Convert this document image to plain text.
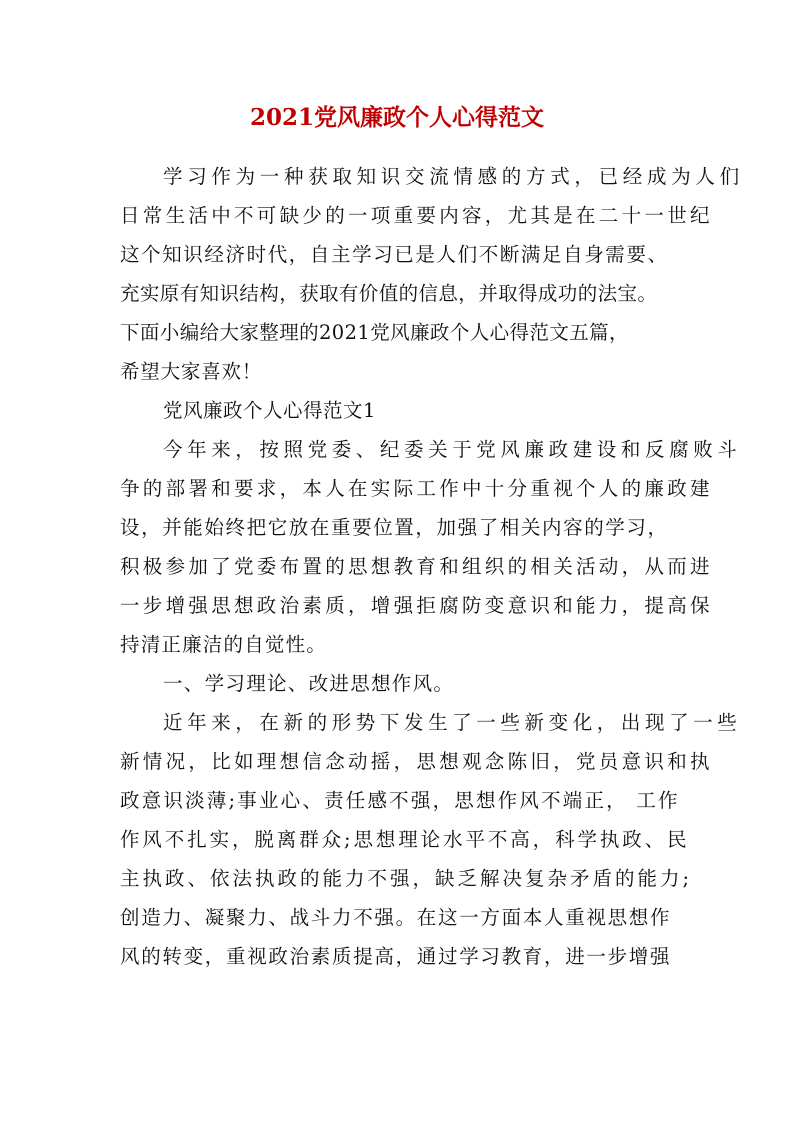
2021党风廉政个人心得范文
学习作为一种获取知识交流情感的方式，已经成为人们
日常生活中不可缺少的一项重要内容，尤其是在二十一世纪
这个知识经济时代，自主学习已是人们不断满足自身需要、
充实原有知识结构，获取有价值的信息，并取得成功的法宝。
下面小编给大家整理的2021党风廉政个人心得范文五篇，
希望大家喜欢！
党风廉政个人心得范文1
今年来，按照党委、纪委关于党风廉政建设和反腐败斗
争的部署和要求，本人在实际工作中十分重视个人的廉政建
设，并能始终把它放在重要位置，加强了相关内容的学习，
积极参加了党委布置的思想教育和组织的相关活动，从而进
一步增强思想政治素质，增强拒腐防变意识和能力，提高保
持清正廉洁的自觉性。
一、学习理论、改进思想作风。
近年来，在新的形势下发生了一些新变化，出现了一些
新情况，比如理想信念动摇，思想观念陈旧，党员意识和执
政意识淡薄;事业心、责任感不强，思想作风不端正， 工作
作风不扎实，脱离群众;思想理论水平不高，科学执政、民
主执政、依法执政的能力不强，缺乏解决复杂矛盾的能力;
创造力、凝聚力、战斗力不强。在这一方面本人重视思想作
风的转变，重视政治素质提高，通过学习教育，进一步增强
